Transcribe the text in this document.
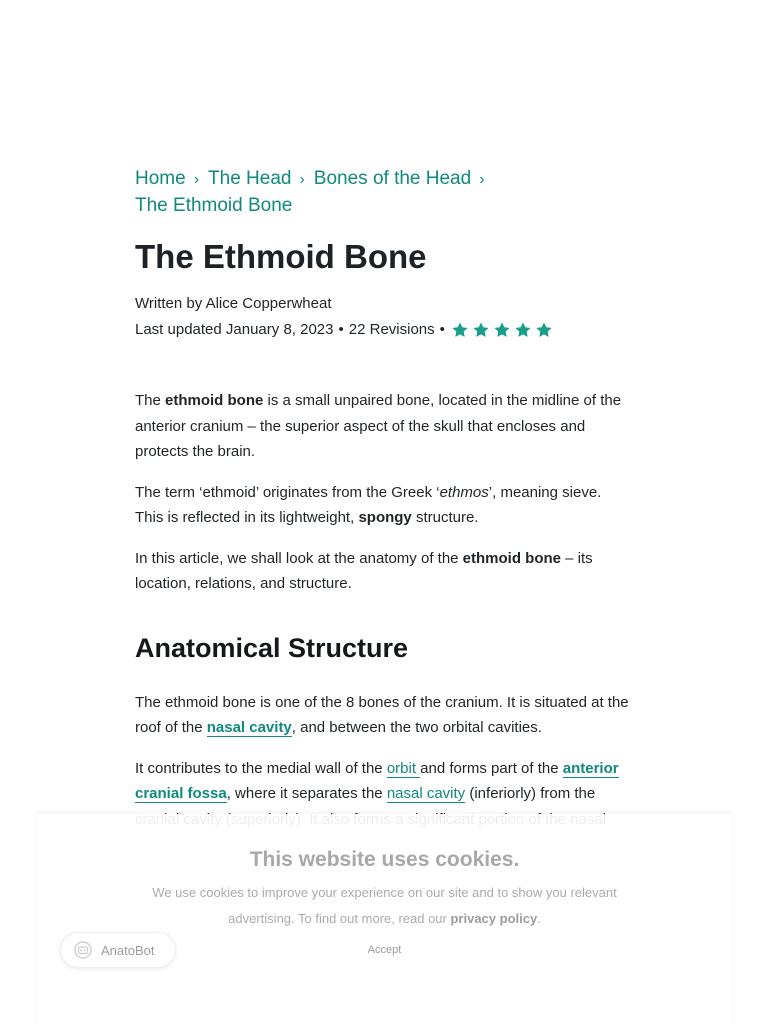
Home › The Head › Bones of the Head ›
The Ethmoid Bone
The Ethmoid Bone
Written by Alice Copperwheat
Last updated January 8, 2023 • 22 Revisions •

The ethmoid bone is a small unpaired bone, located in the midline of the anterior cranium – the superior aspect of the skull that encloses and protects the brain.

The term ‘ethmoid’ originates from the Greek ‘ethmos’, meaning sieve. This is reflected in its lightweight, spongy structure.

In this article, we shall look at the anatomy of the ethmoid bone – its location, relations, and structure.

Anatomical Structure

The ethmoid bone is one of the 8 bones of the cranium. It is situated at the roof of the nasal cavity, and between the two orbital cavities.

It contributes to the medial wall of the orbit and forms part of the anterior cranial fossa, where it separates the nasal cavity (inferiorly) from the

This website uses cookies.
We use cookies to improve your experience on our site and to show you relevant advertising. To find out more, read our privacy policy.
Accept
AnatoBot
